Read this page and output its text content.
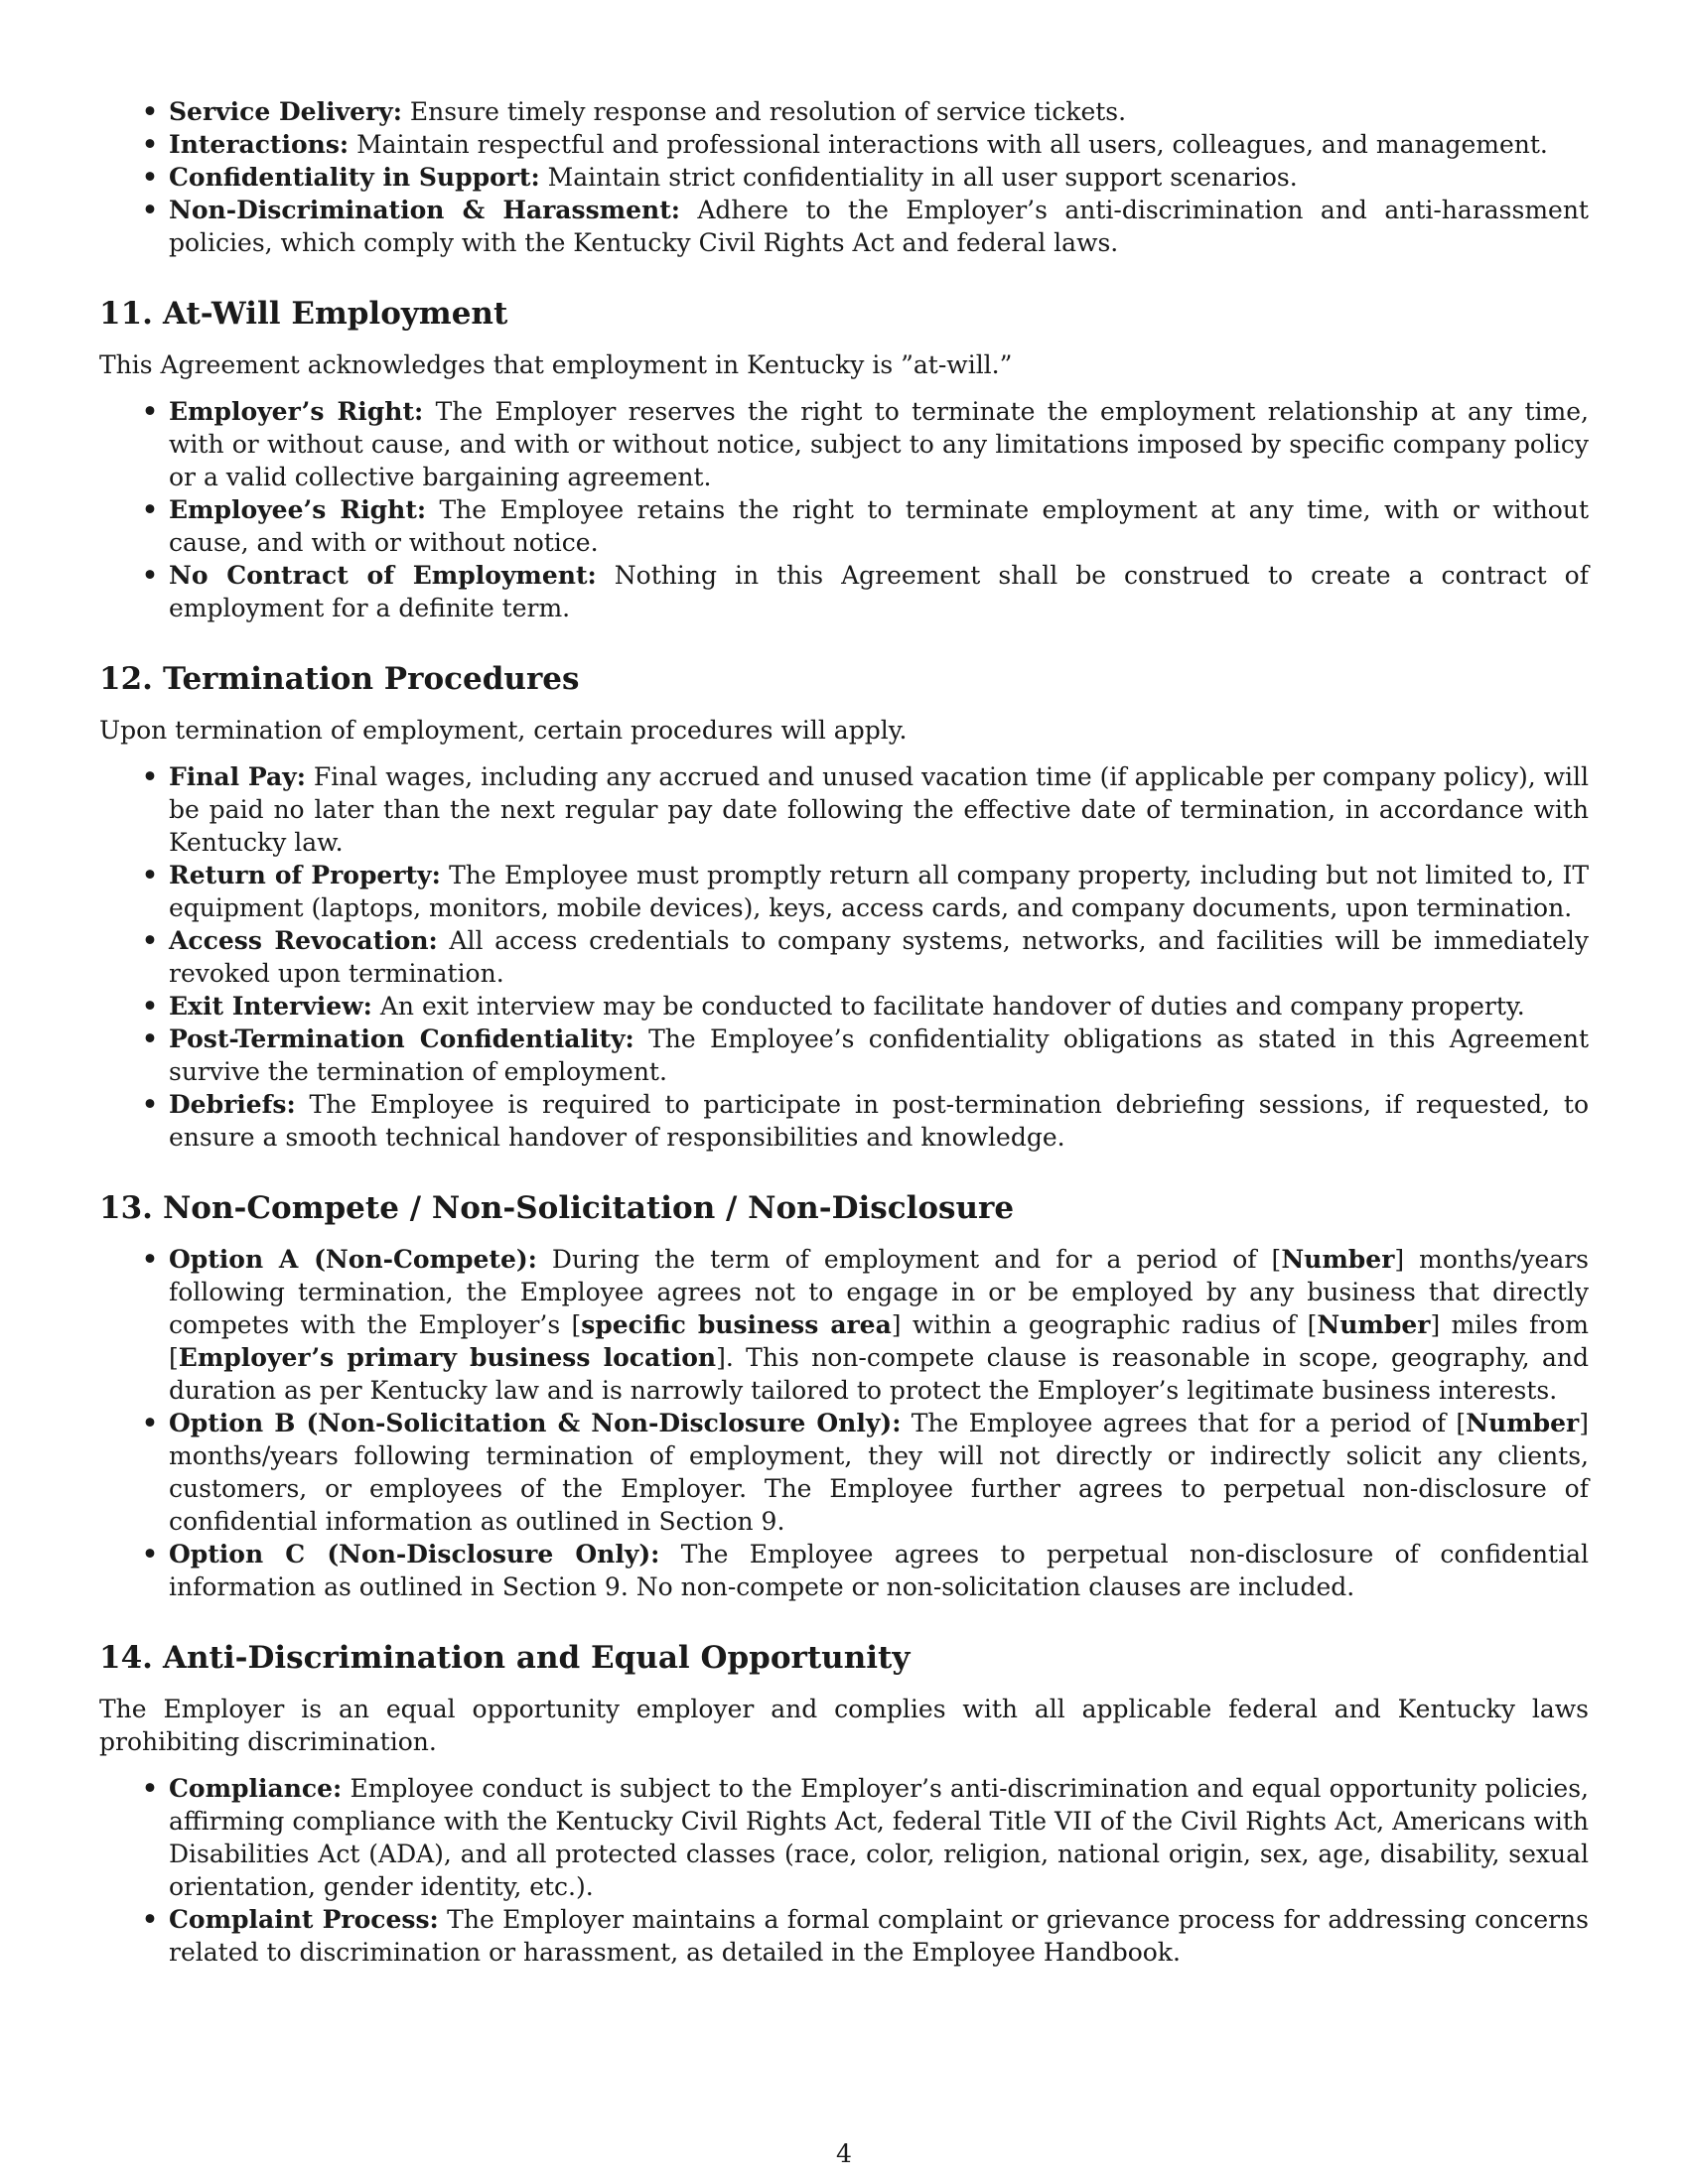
• Service Delivery: Ensure timely response and resolution of service tickets.
• Interactions: Maintain respectful and professional interactions with all users, colleagues, and management.
• Confidentiality in Support: Maintain strict confidentiality in all user support scenarios.
• Non-Discrimination & Harassment: Adhere to the Employer’s anti-discrimination and anti-harassment policies, which comply with the Kentucky Civil Rights Act and federal laws.
11. At-Will Employment

This Agreement acknowledges that employment in Kentucky is ”at-will.”

• Employer’s Right: The Employer reserves the right to terminate the employment relationship at any time, with or without cause, and with or without notice, subject to any limitations imposed by specific company policy or a valid collective bargaining agreement.
• Employee’s Right: The Employee retains the right to terminate employment at any time, with or without cause, and with or without notice.
• No Contract of Employment: Nothing in this Agreement shall be construed to create a contract of employment for a definite term.
12. Termination Procedures

Upon termination of employment, certain procedures will apply.

• Final Pay: Final wages, including any accrued and unused vacation time (if applicable per company policy), will be paid no later than the next regular pay date following the effective date of termination, in accordance with Kentucky law.
• Return of Property: The Employee must promptly return all company property, including but not limited to, IT equipment (laptops, monitors, mobile devices), keys, access cards, and company documents, upon termination.
• Access Revocation: All access credentials to company systems, networks, and facilities will be immediately revoked upon termination.
• Exit Interview: An exit interview may be conducted to facilitate handover of duties and company property.
• Post-Termination Confidentiality: The Employee’s confidentiality obligations as stated in this Agreement survive the termination of employment.
• Debriefs: The Employee is required to participate in post-termination debriefing sessions, if requested, to ensure a smooth technical handover of responsibilities and knowledge.
13. Non-Compete / Non-Solicitation / Non-Disclosure
• Option A (Non-Compete): During the term of employment and for a period of [Number] months/years following termination, the Employee agrees not to engage in or be employed by any business that directly competes with the Employer’s [specific business area] within a geographic radius of [Number] miles from [Employer’s primary business location]. This non-compete clause is reasonable in scope, geography, and duration as per Kentucky law and is narrowly tailored to protect the Employer’s legitimate business interests.
• Option B (Non-Solicitation & Non-Disclosure Only): The Employee agrees that for a period of [Number] months/years following termination of employment, they will not directly or indirectly solicit any clients, customers, or employees of the Employer. The Employee further agrees to perpetual non-disclosure of confidential information as outlined in Section 9.
• Option C (Non-Disclosure Only): The Employee agrees to perpetual non-disclosure of confidential information as outlined in Section 9. No non-compete or non-solicitation clauses are included.
14. Anti-Discrimination and Equal Opportunity

The Employer is an equal opportunity employer and complies with all applicable federal and Kentucky laws prohibiting discrimination.

• Compliance: Employee conduct is subject to the Employer’s anti-discrimination and equal opportunity policies, affirming compliance with the Kentucky Civil Rights Act, federal Title VII of the Civil Rights Act, Americans with Disabilities Act (ADA), and all protected classes (race, color, religion, national origin, sex, age, disability, sexual orientation, gender identity, etc.).
• Complaint Process: The Employer maintains a formal complaint or grievance process for addressing concerns related to discrimination or harassment, as detailed in the Employee Handbook.
4
